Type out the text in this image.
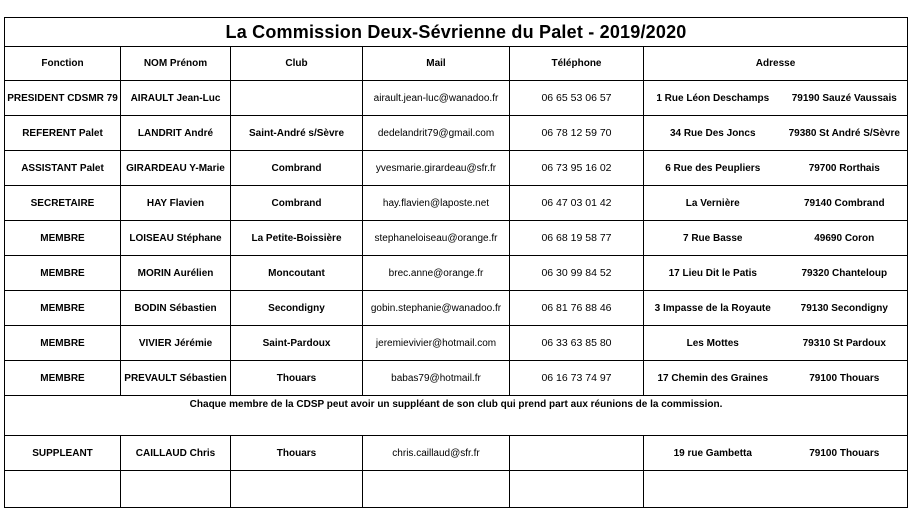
La Commission Deux-Sévrienne du Palet - 2019/2020						
Fonction	NOM Prénom	Club	Mail	Téléphone	Adresse	
PRESIDENT CDSMR 79	AIRAULT Jean-Luc		airault.jean-luc@wanadoo.fr	06 65 53 06 57	1 Rue Léon Deschamps	79190 Sauzé Vaussais
REFERENT Palet	LANDRIT André	Saint-André s/Sèvre	dedelandrit79@gmail.com	06 78 12 59 70	34 Rue Des Joncs	79380 St André S/Sèvre
ASSISTANT Palet	GIRARDEAU Y-Marie	Combrand	yvesmarie.girardeau@sfr.fr	06 73 95 16 02	6 Rue des Peupliers	79700 Rorthais
SECRETAIRE	HAY Flavien	Combrand	hay.flavien@laposte.net	06 47 03 01 42	La Vernière	79140 Combrand
MEMBRE	LOISEAU Stéphane	La Petite-Boissière	stephaneloiseau@orange.fr	06 68 19 58 77	7 Rue Basse	49690 Coron
MEMBRE	MORIN Aurélien	Moncoutant	brec.anne@orange.fr	06 30 99 84 52	17 Lieu Dit le Patis	79320 Chanteloup
MEMBRE	BODIN Sébastien	Secondigny	gobin.stephanie@wanadoo.fr	06 81 76 88 46	3 Impasse de la Royaute	79130 Secondigny
MEMBRE	VIVIER Jérémie	Saint-Pardoux	jeremievivier@hotmail.com	06 33 63 85 80	Les Mottes	79310 St Pardoux
MEMBRE	PREVAULT Sébastien	Thouars	babas79@hotmail.fr	06 16 73 74 97	17 Chemin des Graines	79100 Thouars
Chaque membre de la CDSP peut avoir un suppléant de son club qui prend part aux réunions de la commission.						
SUPPLEANT	CAILLAUD Chris	Thouars	chris.caillaud@sfr.fr		19 rue Gambetta	79100 Thouars
